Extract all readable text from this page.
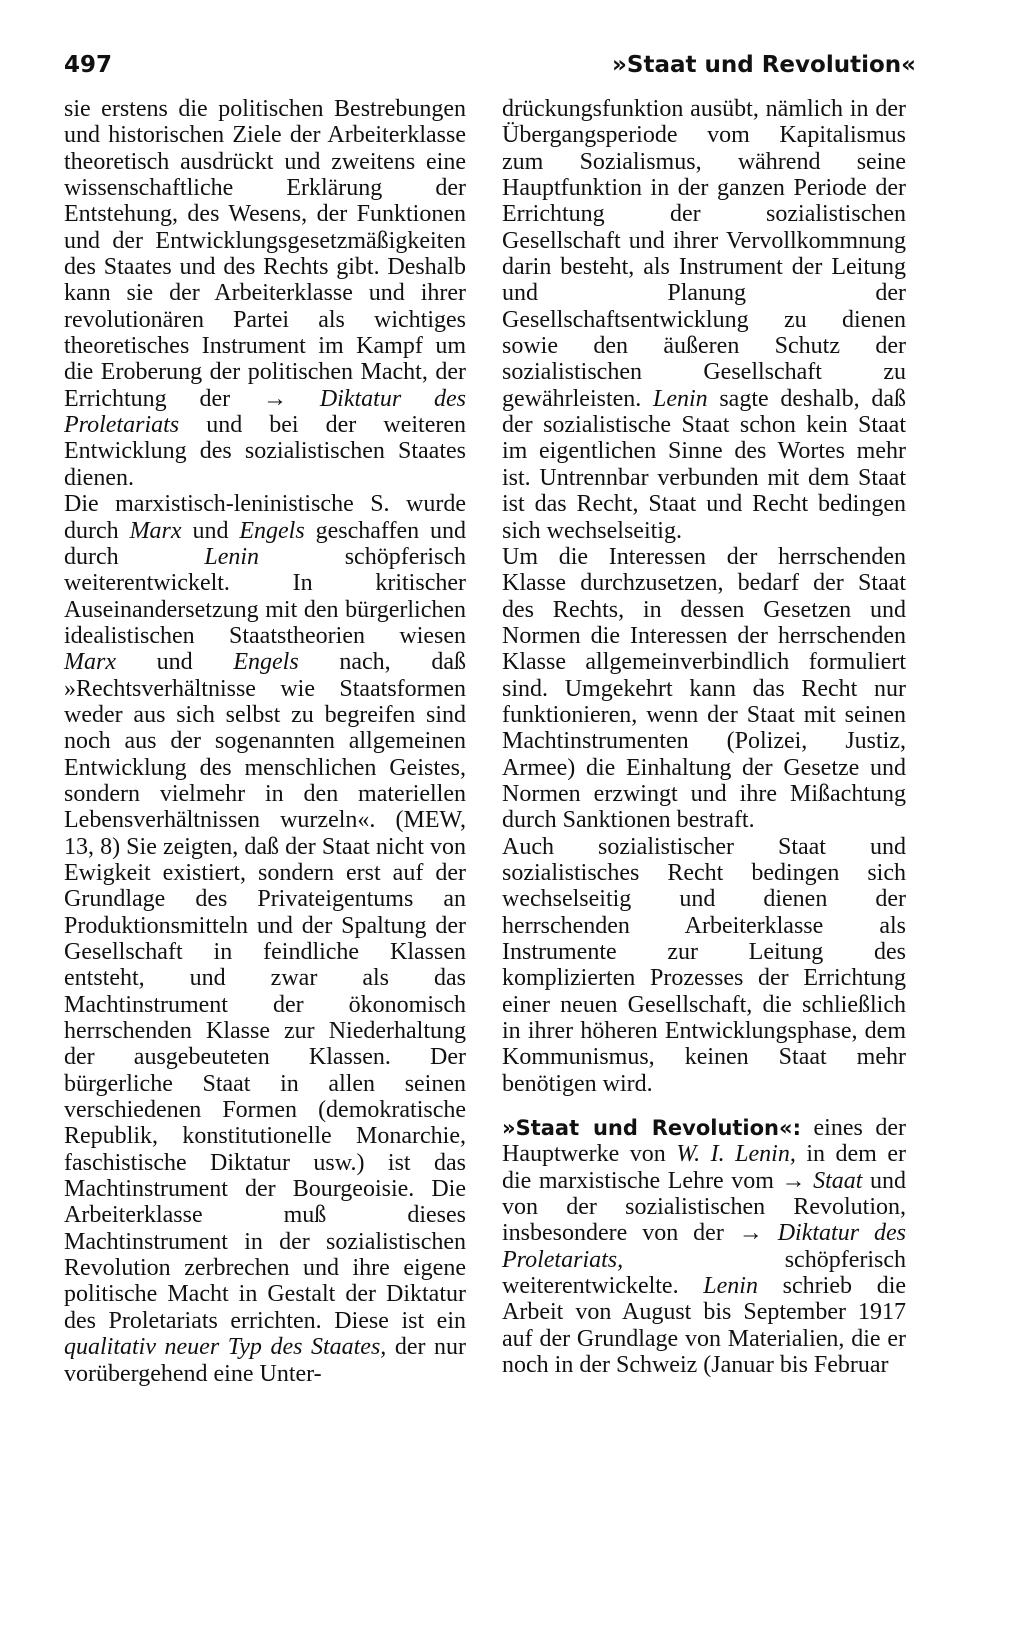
497	»Staat und Revolution«

sie erstens die politischen Bestrebungen und historischen Ziele der Arbeiterklasse theoretisch ausdrückt und zweitens eine wissenschaftliche Erklärung der Entstehung, des Wesens, der Funktionen und der Entwicklungsgesetzmäßigkeiten des Staates und des Rechts gibt. Deshalb kann sie der Arbeiterklasse und ihrer revolutionären Partei als wichtiges theoretisches Instrument im Kampf um die Eroberung der politischen Macht, der Errichtung der → Diktatur des Proletariats und bei der weiteren Entwicklung des sozialistischen Staates dienen.

Die marxistisch-leninistische S. wurde durch Marx und Engels geschaffen und durch Lenin schöpferisch weiterentwickelt. In kritischer Auseinandersetzung mit den bürgerlichen idealistischen Staatstheorien wiesen Marx und Engels nach, daß »Rechtsverhältnisse wie Staatsformen weder aus sich selbst zu begreifen sind noch aus der sogenannten allgemeinen Entwicklung des menschlichen Geistes, sondern vielmehr in den materiellen Lebensverhältnissen wurzeln«. (MEW, 13, 8) Sie zeigten, daß der Staat nicht von Ewigkeit existiert, sondern erst auf der Grundlage des Privateigentums an Produktionsmitteln und der Spaltung der Gesellschaft in feindliche Klassen entsteht, und zwar als das Machtinstrument der ökonomisch herrschenden Klasse zur Niederhaltung der ausgebeuteten Klassen. Der bürgerliche Staat in allen seinen verschiedenen Formen (demokratische Republik, konstitutionelle Monarchie, faschistische Diktatur usw.) ist das Machtinstrument der Bourgeoisie. Die Arbeiterklasse muß dieses Machtinstrument in der sozialistischen Revolution zerbrechen und ihre eigene politische Macht in Gestalt der Diktatur des Proletariats errichten. Diese ist ein qualitativ neuer Typ des Staates, der nur vorübergehend eine Unter-

drückungsfunktion ausübt, nämlich in der Übergangsperiode vom Kapitalismus zum Sozialismus, während seine Hauptfunktion in der ganzen Periode der Errichtung der sozialistischen Gesellschaft und ihrer Vervollkommnung darin besteht, als Instrument der Leitung und Planung der Gesellschaftsentwicklung zu dienen sowie den äußeren Schutz der sozialistischen Gesellschaft zu gewährleisten. Lenin sagte deshalb, daß der sozialistische Staat schon kein Staat im eigentlichen Sinne des Wortes mehr ist. Untrennbar verbunden mit dem Staat ist das Recht, Staat und Recht bedingen sich wechselseitig.

Um die Interessen der herrschenden Klasse durchzusetzen, bedarf der Staat des Rechts, in dessen Gesetzen und Normen die Interessen der herrschenden Klasse allgemeinverbindlich formuliert sind. Umgekehrt kann das Recht nur funktionieren, wenn der Staat mit seinen Machtinstrumenten (Polizei, Justiz, Armee) die Einhaltung der Gesetze und Normen erzwingt und ihre Mißachtung durch Sanktionen bestraft.

Auch sozialistischer Staat und sozialistisches Recht bedingen sich wechselseitig und dienen der herrschenden Arbeiterklasse als Instrumente zur Leitung des komplizierten Prozesses der Errichtung einer neuen Gesellschaft, die schließlich in ihrer höheren Entwicklungsphase, dem Kommunismus, keinen Staat mehr benötigen wird.

»Staat und Revolution«: eines der Hauptwerke von W. I. Lenin, in dem er die marxistische Lehre vom → Staat und von der sozialistischen Revolution, insbesondere von der → Diktatur des Proletariats, schöpferisch weiterentwickelte. Lenin schrieb die Arbeit von August bis September 1917 auf der Grundlage von Materialien, die er noch in der Schweiz (Januar bis Februar
